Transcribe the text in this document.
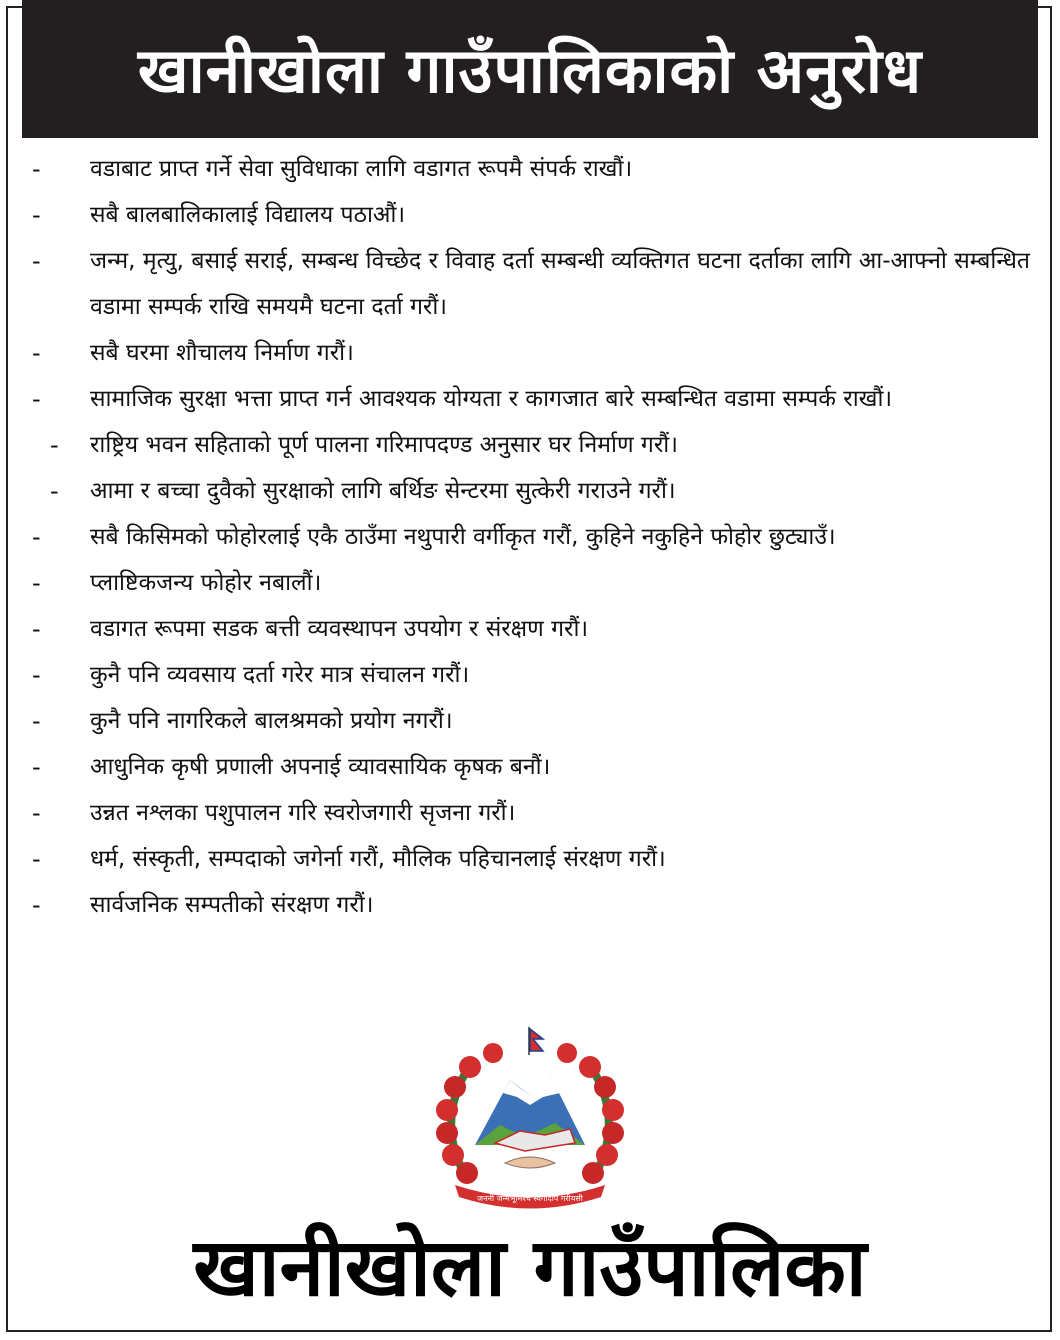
खानीखोला गाउँपालिकाको अनुरोध
-	वडाबाट प्राप्त गर्ने सेवा सुविधाका लागि वडागत रूपमै संपर्क राखौं।
-	सबै बालबालिकालाई विद्यालय पठाऔं।
-	जन्म, मृत्यु, बसाई सराई, सम्बन्ध विच्छेद र विवाह दर्ता सम्बन्धी व्यक्तिगत घटना दर्ताका लागि आ-आफ्नो सम्बन्धित वडामा सम्पर्क राखि समयमै घटना दर्ता गरौं।
-	सबै घरमा शौचालय निर्माण गरौं।
-	सामाजिक सुरक्षा भत्ता प्राप्त गर्न आवश्यक योग्यता र कागजात बारे सम्बन्धित वडामा सम्पर्क राखौं।
-	राष्ट्रिय भवन सहिताको पूर्ण पालना गरिमापदण्ड अनुसार घर निर्माण गरौं।
-	आमा र बच्चा दुवैको सुरक्षाको लागि बर्थिङ सेन्टरमा सुत्केरी गराउने गरौं।
-	सबै किसिमको फोहोरलाई एकै ठाउँमा नथुपारी वर्गीकृत गरौं, कुहिने नकुहिने फोहोर छुट्याउँ।
-	प्लाष्टिकजन्य फोहोर नबालौं।
-	वडागत रूपमा सडक बत्ती व्यवस्थापन उपयोग र संरक्षण गरौं।
-	कुनै पनि व्यवसाय दर्ता गरेर मात्र संचालन गरौं।
-	कुनै पनि नागरिकले बालश्रमको प्रयोग नगरौं।
-	आधुनिक कृषी प्रणाली अपनाई व्यावसायिक कृषक बनौं।
-	उन्नत नश्लका पशुपालन गरि स्वरोजगारी सृजना गरौं।
-	धर्म, संस्कृती, सम्पदाको जगेर्ना गरौं, मौलिक पहिचानलाई संरक्षण गरौं।
-	सार्वजनिक सम्पतीको संरक्षण गरौं।
जननी जन्मभूमिश्च स्वर्गादपि गरीयसी
खानीखोला गाउँपालिका
